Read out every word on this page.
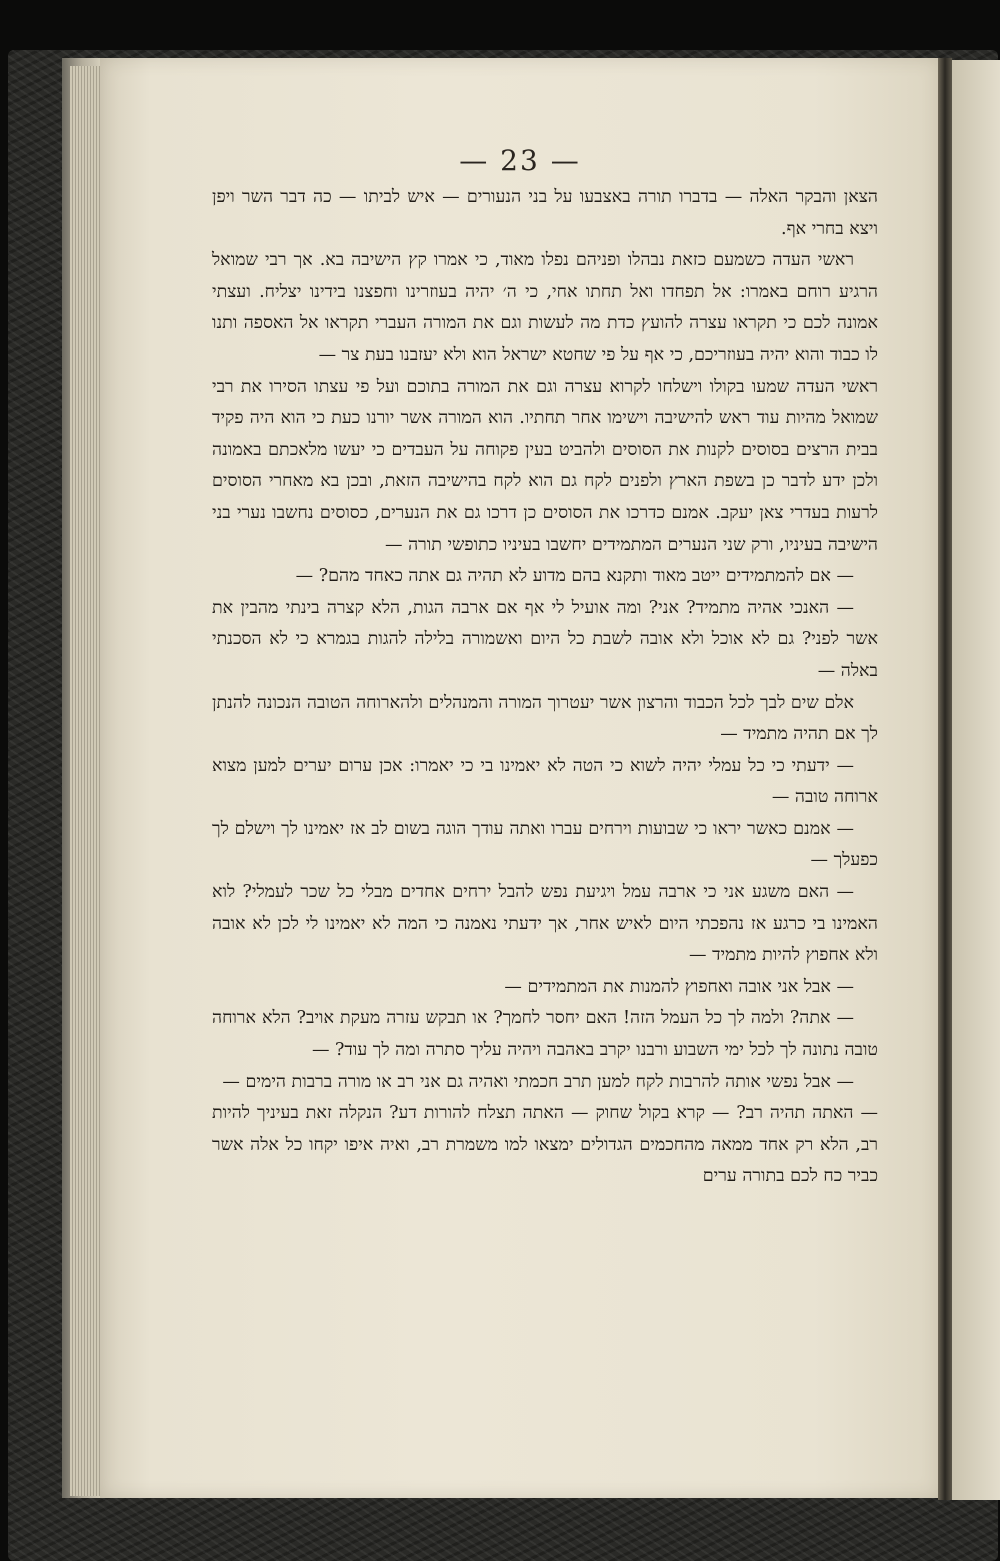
— 23 —

הצאן והבקר האלה — בדברו תורה באצבעו על בני הנעורים — איש לביתו — כה דבר השר ויפן ויצא בחרי אף.

ראשי העדה כשמעם כזאת נבהלו ופניהם נפלו מאוד, כי אמרו קץ הישיבה בא. אך רבי שמואל הרגיע רוחם באמרו: אל תפחדו ואל תחתו אחי, כי ה׳ יהיה בעוזרינו וחפצנו בידינו יצליח. ועצתי אמונה לכם כי תקראו עצרה להועץ כדת מה לעשות וגם את המורה העברי תקראו אל האספה ותנו לו כבוד והוא יהיה בעוזריכם, כי אף על פי שחטא ישראל הוא ולא יעזבנו בעת צר —

ראשי העדה שמעו בקולו וישלחו לקרוא עצרה וגם את המורה בתוכם ועל פי עצתו הסירו את רבי שמואל מהיות עוד ראש להישיבה וישימו אחר תחתיו. הוא המורה אשר יורנו כעת כי הוא היה פקיד בבית הרצים בסוסים לקנות את הסוסים ולהביט בעין פקוחה על העבדים כי יעשו מלאכתם באמונה ולכן ידע לדבר כן בשפת הארץ ולפנים לקח גם הוא לקח בהישיבה הזאת, ובכן בא מאחרי הסוסים לרעות בעדרי צאן יעקב. אמנם כדרכו את הסוסים כן דרכו גם את הנערים, כסוסים נחשבו נערי בני הישיבה בעיניו, ורק שני הנערים המתמידים יחשבו בעיניו כתופשי תורה —

— אם להמתמידים ייטב מאוד ותקנא בהם מדוע לא תהיה גם אתה כאחד מהם? —

— האנכי אהיה מתמיד? אני? ומה אועיל לי אף אם ארבה הגות, הלא קצרה בינתי מהבין את אשר לפני? גם לא אוכל ולא אובה לשבת כל היום ואשמורה בלילה להגות בגמרא כי לא הסכנתי באלה —

אלם שים לבך לכל הכבוד והרצון אשר יעטרוך המורה והמנהלים ולהארוחה הטובה הנכונה להנתן לך אם תהיה מתמיד —

— ידעתי כי כל עמלי יהיה לשוא כי הטה לא יאמינו בי כי יאמרו: אכן ערום יערים למען מצוא ארוחה טובה —

— אמנם כאשר יראו כי שבועות וירחים עברו ואתה עודך הוגה בשום לב אז יאמינו לך וישלם לך כפעלך —

— האם משגע אני כי ארבה עמל ויגיעת נפש להבל ירחים אחדים מבלי כל שכר לעמלי? לוא האמינו בי כרגע אז נהפכתי היום לאיש אחר, אך ידעתי נאמנה כי המה לא יאמינו לי לכן לא אובה ולא אחפוץ להיות מתמיד —

— אבל אני אובה ואחפוץ להמנות את המתמידים —

— אתה? ולמה לך כל העמל הזה! האם יחסר לחמך? או תבקש עזרה מעקת אויב? הלא ארוחה טובה נתונה לך לכל ימי השבוע ורבנו יקרב באהבה ויהיה עליך סתרה ומה לך עוד? —

— אבל נפשי אותה להרבות לקח למען תרב חכמתי ואהיה גם אני רב או מורה ברבות הימים —

— האתה תהיה רב? — קרא בקול שחוק — האתה תצלח להורות דע? הנקלה זאת בעיניך להיות רב, הלא רק אחד ממאה מהחכמים הגדולים ימצאו למו משמרת רב, ואיה איפו יקחו כל אלה אשר כביר כח לכם בתורה ערים
